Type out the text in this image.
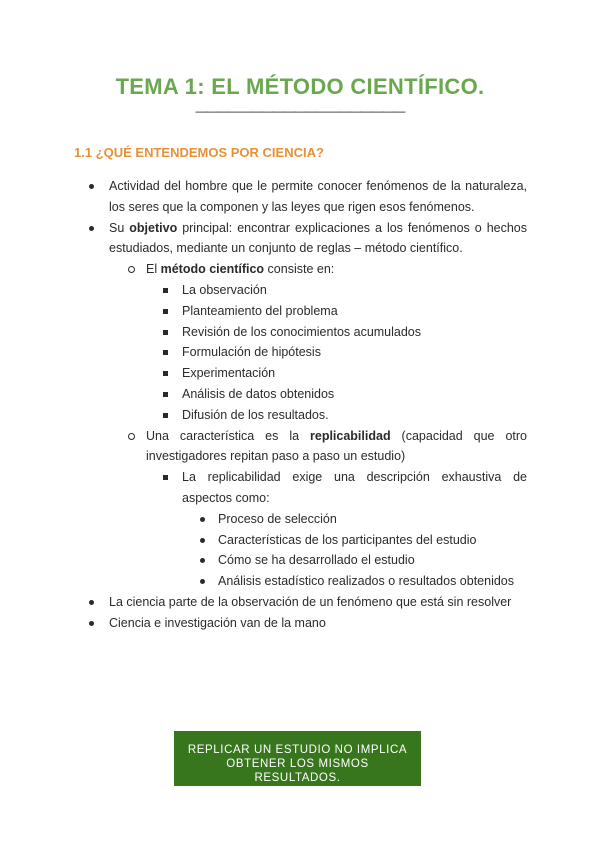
TEMA 1: EL MÉTODO CIENTÍFICO.
———————————————————
1.1 ¿QUÉ ENTENDEMOS POR CIENCIA?
Actividad del hombre que le permite conocer fenómenos de la naturaleza, los seres que la componen y las leyes que rigen esos fenómenos.
Su objetivo principal: encontrar explicaciones a los fenómenos o hechos estudiados, mediante un conjunto de reglas – método científico.
El método científico consiste en:
La observación
Planteamiento del problema
Revisión de los conocimientos acumulados
Formulación de hipótesis
Experimentación
Análisis de datos obtenidos
Difusión de los resultados.
Una característica es la replicabilidad (capacidad que otro investigadores repitan paso a paso un estudio)
La replicabilidad exige una descripción exhaustiva de aspectos como:
Proceso de selección
Características de los participantes del estudio
Cómo se ha desarrollado el estudio
Análisis estadístico realizados o resultados obtenidos
La ciencia parte de la observación de un fenómeno que está sin resolver
Ciencia e investigación van de la mano
REPLICAR UN ESTUDIO NO IMPLICA
OBTENER LOS MISMOS RESULTADOS.
